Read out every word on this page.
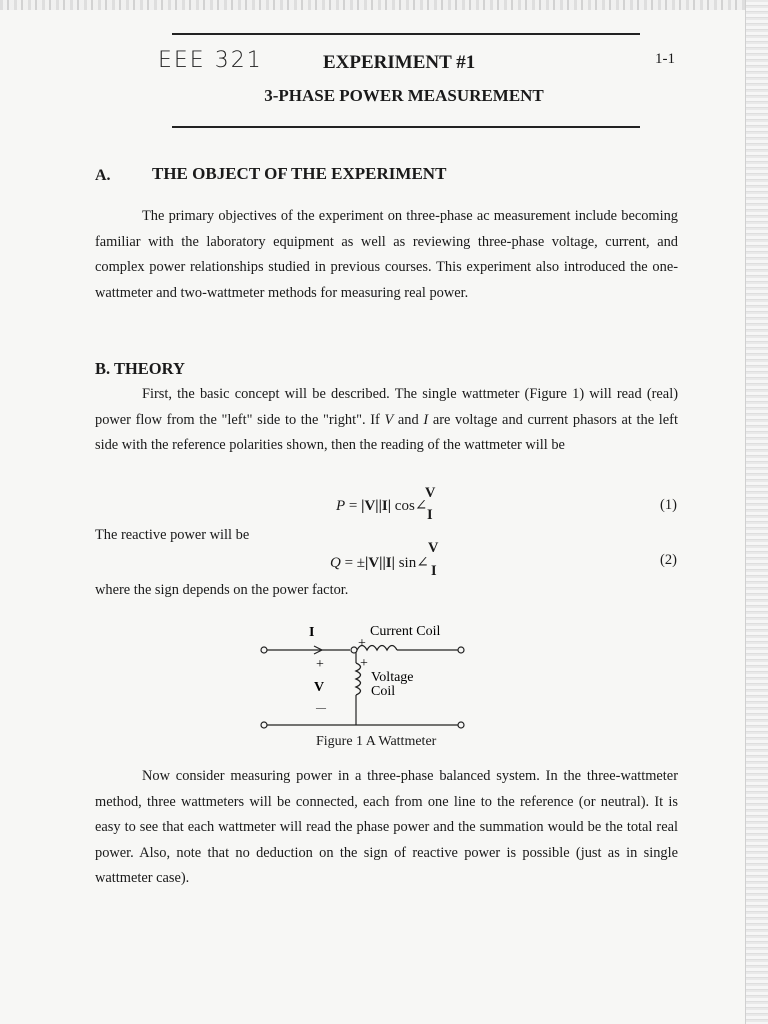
EEE 321	EXPERIMENT #1	1-1
3-PHASE POWER MEASUREMENT
A. THE OBJECT OF THE EXPERIMENT
The primary objectives of the experiment on three-phase ac measurement include becoming familiar with the laboratory equipment as well as reviewing three-phase voltage, current, and complex power relationships studied in previous courses. This experiment also introduced the one-wattmeter and two-wattmeter methods for measuring real power.
B. THEORY
First, the basic concept will be described. The single wattmeter (Figure 1) will read (real) power flow from the "left" side to the "right". If V and I are voltage and current phasors at the left side with the reference polarities shown, then the reading of the wattmeter will be
P = |V||I| cos∠
V
I
(1)
The reactive power will be
Q = ±|V||I| sin∠
V
I
(2)
where the sign depends on the power factor.
I
+
Current Coil
+
Voltage
Coil
+
V
—
Figure 1 A Wattmeter
Now consider measuring power in a three-phase balanced system. In the three-wattmeter method, three wattmeters will be connected, each from one line to the reference (or neutral). It is easy to see that each wattmeter will read the phase power and the summation would be the total real power. Also, note that no deduction on the sign of reactive power is possible (just as in single wattmeter case).
